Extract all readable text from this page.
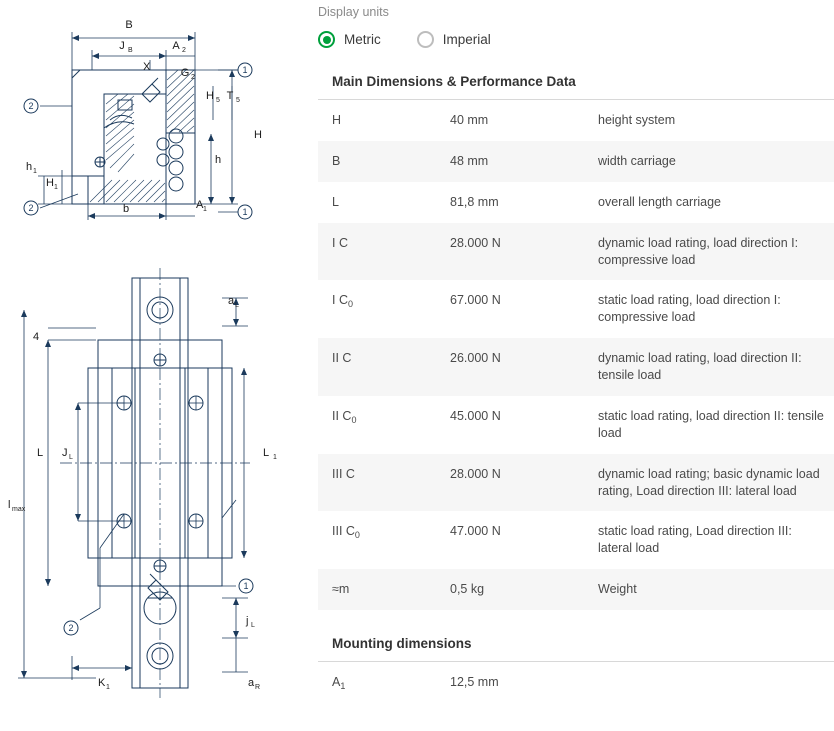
1
1
2
2
B
J B	A 2
X	G 2
H 5 T 5
H
h
h 1
H 1
b	A 1
1
2
a L
4
L J L	L 1
l max
j L
a R
K 1
Display units
Metric	Imperial
Main Dimensions & Performance Data
H	40 mm	height system
B	48 mm	width carriage
L	81,8 mm	overall length carriage
I C	28.000 N	dynamic load rating, load direction I: compressive load
I $C_0$	67.000 N	static load rating, load direction I: compressive load
II C	26.000 N	dynamic load rating, load direction II: tensile load
II $C_0$	45.000 N	static load rating, load direction II: tensile load
III C	28.000 N	dynamic load rating; basic dynamic load rating, Load direction III: lateral load
III $C_0$	47.000 N	static load rating, Load direction III: lateral load
≈m	0,5 kg	Weight
Mounting dimensions
$A_1$	12,5 mm	
